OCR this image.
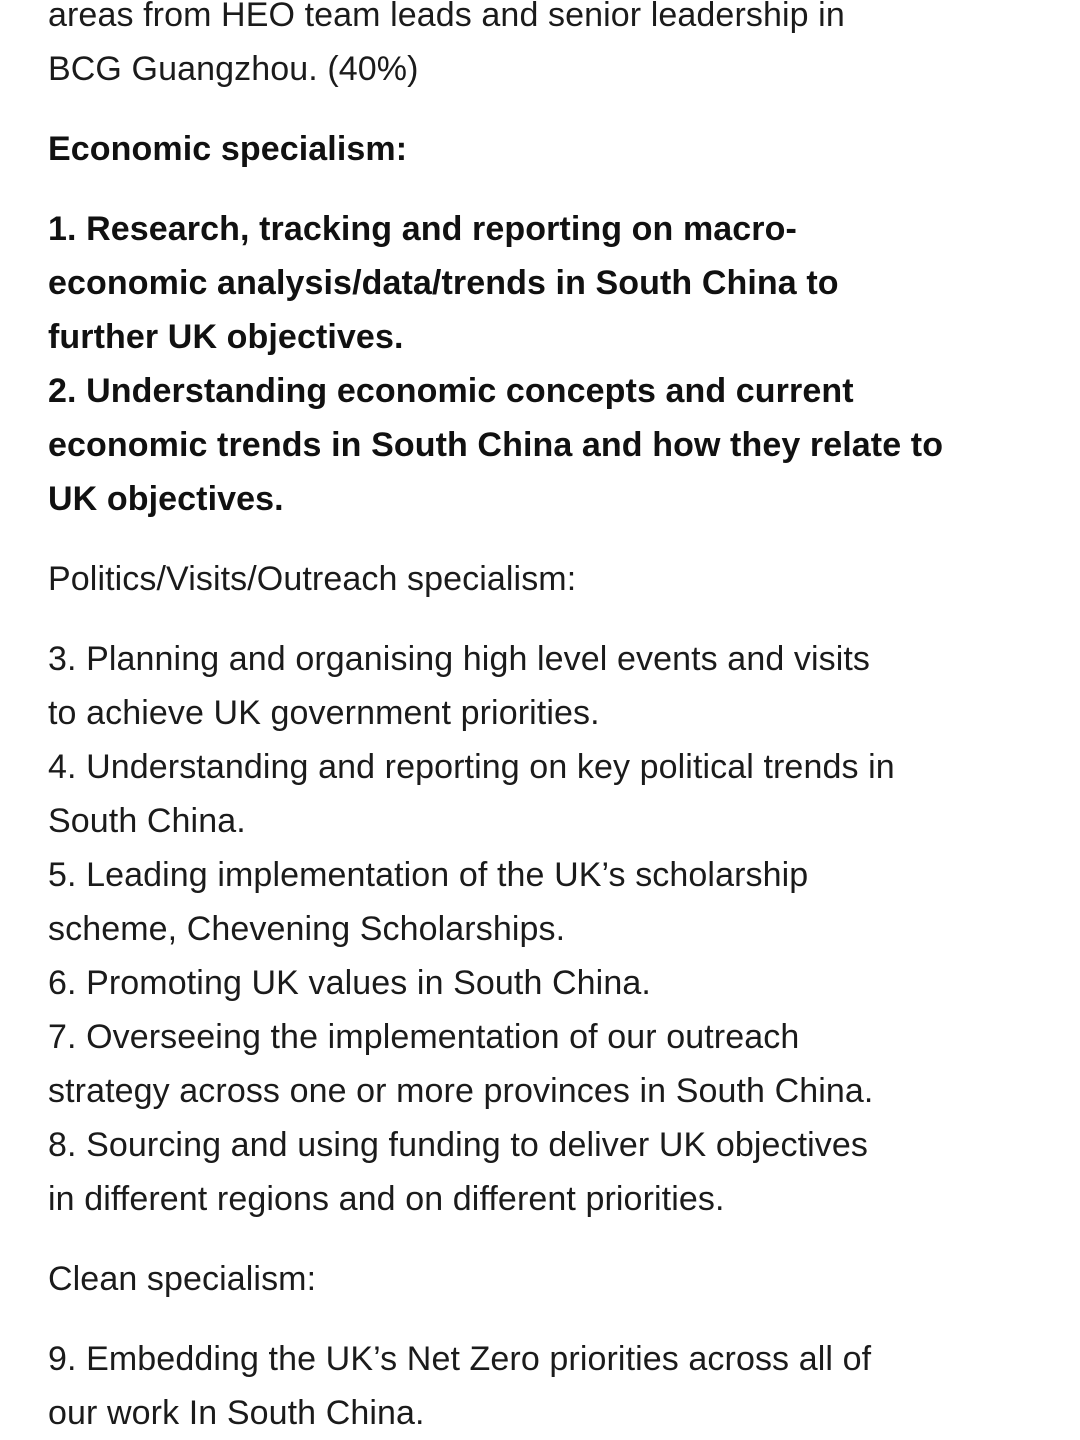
areas from HEO team leads and senior leadership in
BCG Guangzhou. (40%)

Economic specialism:

1. Research, tracking and reporting on macro-
economic analysis/data/trends in South China to
further UK objectives.
2. Understanding economic concepts and current
economic trends in South China and how they relate to
UK objectives.

Politics/Visits/Outreach specialism:

3. Planning and organising high level events and visits
to achieve UK government priorities.
4. Understanding and reporting on key political trends in
South China.
5. Leading implementation of the UK’s scholarship
scheme, Chevening Scholarships.
6. Promoting UK values in South China.
7. Overseeing the implementation of our outreach
strategy across one or more provinces in South China.
8. Sourcing and using funding to deliver UK objectives
in different regions and on different priorities.

Clean specialism:

9. Embedding the UK’s Net Zero priorities across all of
our work In South China.
